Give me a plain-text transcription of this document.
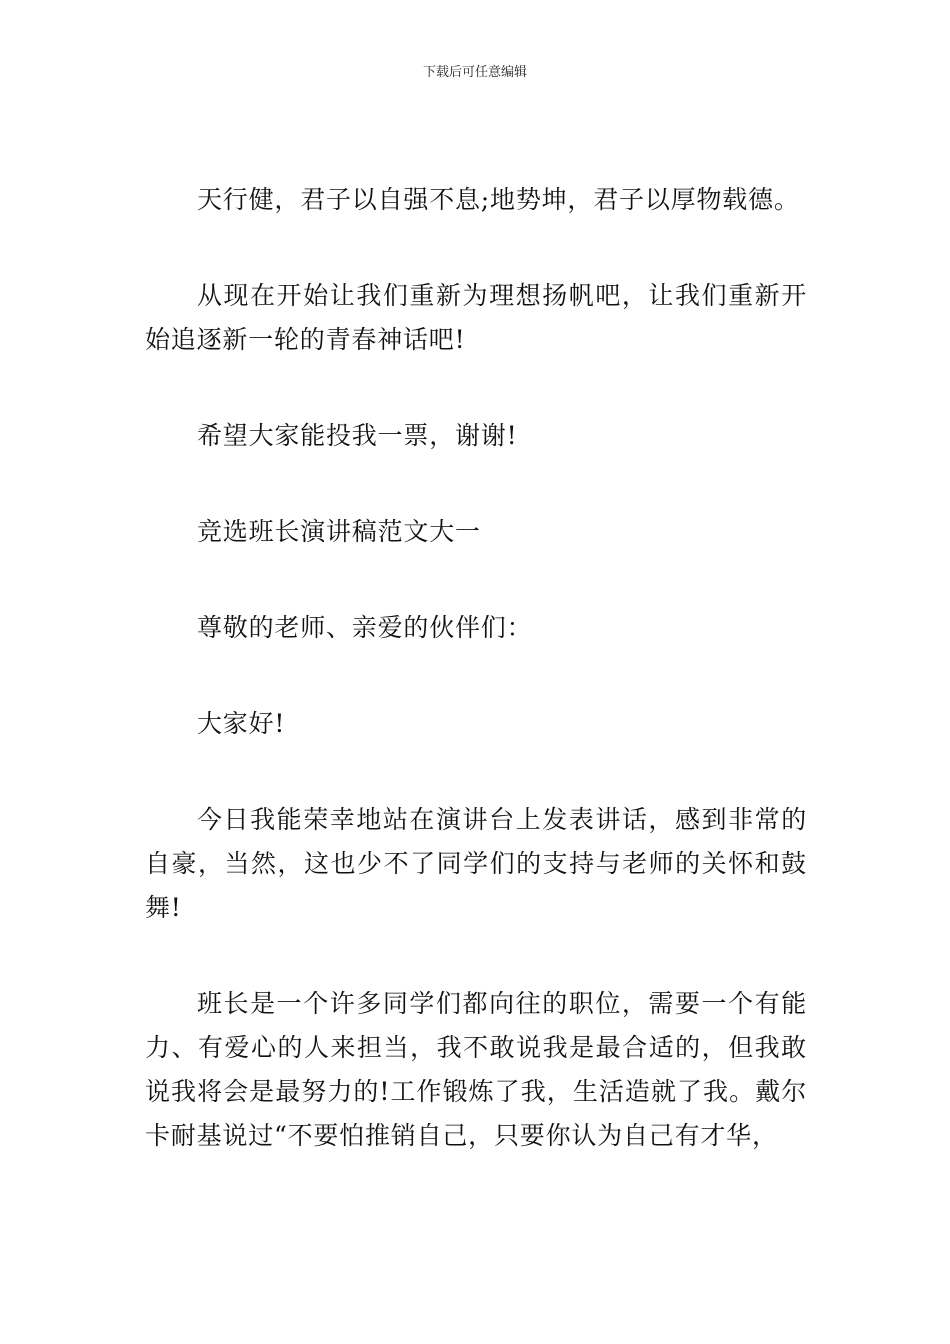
下载后可任意编辑

天行健，君子以自强不息;地势坤，君子以厚物载德。

从现在开始让我们重新为理想扬帆吧，让我们重新开始追逐新一轮的青春神话吧!

希望大家能投我一票，谢谢!

竞选班长演讲稿范文大一

尊敬的老师、亲爱的伙伴们：

大家好!

今日我能荣幸地站在演讲台上发表讲话，感到非常的自豪，当然，这也少不了同学们的支持与老师的关怀和鼓舞!

班长是一个许多同学们都向往的职位，需要一个有能力、有爱心的人来担当，我不敢说我是最合适的，但我敢说我将会是最努力的!工作锻炼了我，生活造就了我。戴尔卡耐基说过“不要怕推销自己，只要你认为自己有才华，
